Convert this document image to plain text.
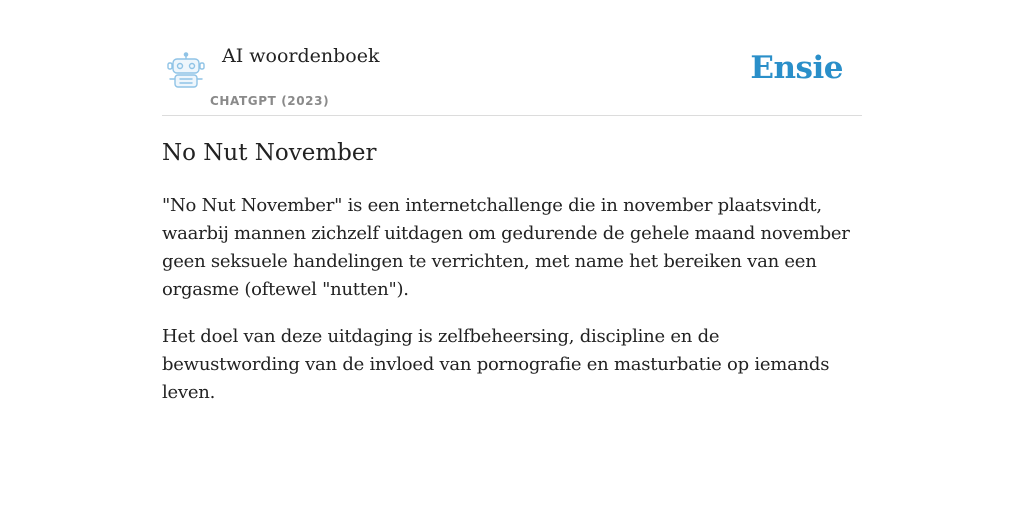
AI woordenboek
CHATGPT (2023)
Ensie
No Nut November

"No Nut November" is een internetchallenge die in november plaatsvindt, waarbij mannen zichzelf uitdagen om gedurende de gehele maand november geen seksuele handelingen te verrichten, met name het bereiken van een orgasme (oftewel "nutten").

Het doel van deze uitdaging is zelfbeheersing, discipline en de bewustwording van de invloed van pornografie en masturbatie op iemands leven.
